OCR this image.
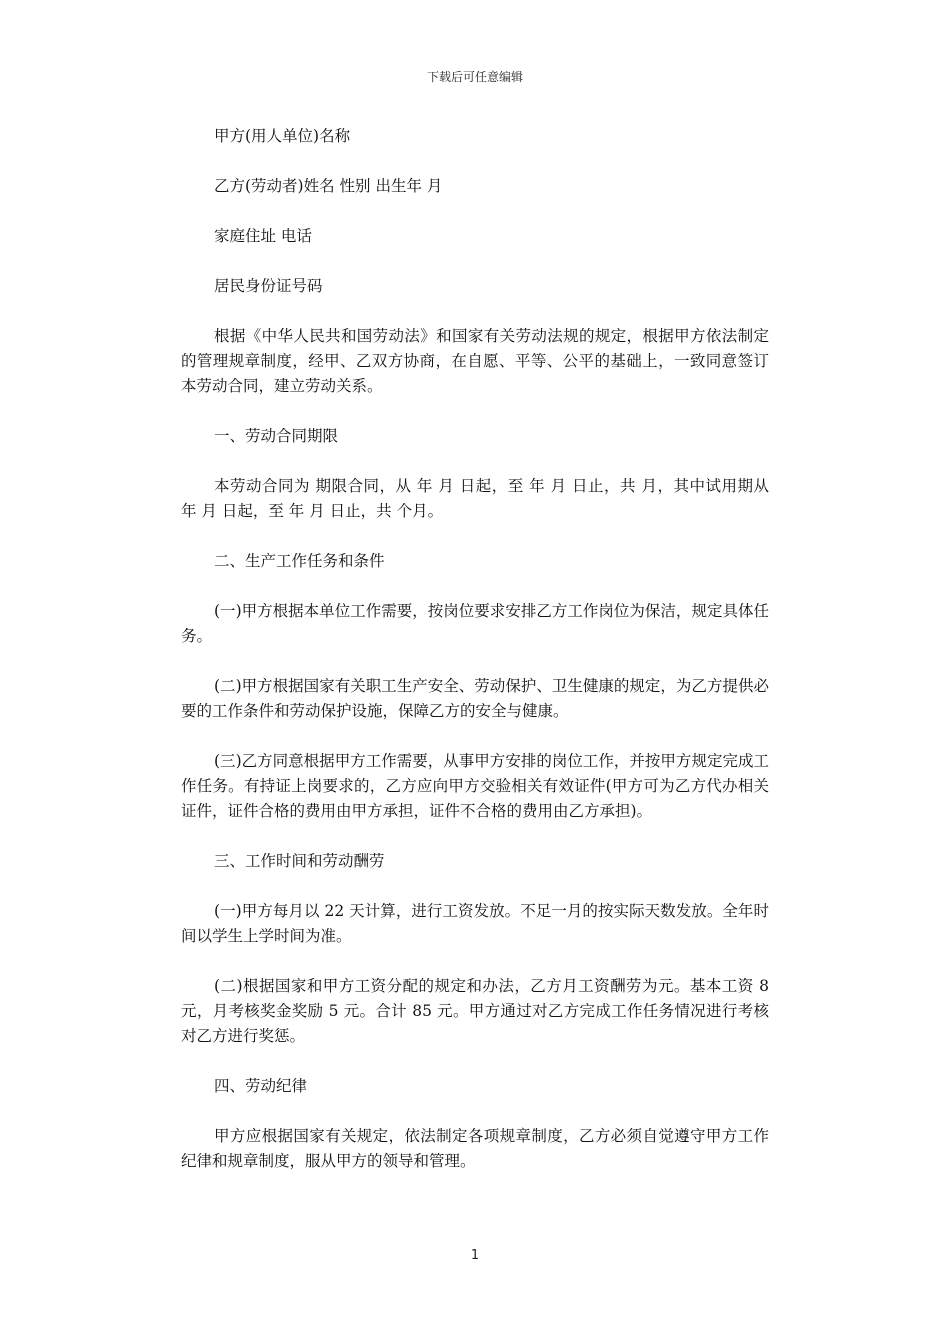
下载后可任意编辑

甲方(用人单位)名称

乙方(劳动者)姓名 性别 出生年 月

家庭住址 电话

居民身份证号码

根据《中华人民共和国劳动法》和国家有关劳动法规的规定，根据甲方依法制定的管理规章制度，经甲、乙双方协商，在自愿、平等、公平的基础上，一致同意签订本劳动合同，建立劳动关系。

一、劳动合同期限

本劳动合同为 期限合同，从 年 月 日起，至 年 月 日止，共 月，其中试用期从 年 月 日起，至 年 月 日止，共 个月。

二、生产工作任务和条件

(一)甲方根据本单位工作需要，按岗位要求安排乙方工作岗位为保洁，规定具体任务。

(二)甲方根据国家有关职工生产安全、劳动保护、卫生健康的规定，为乙方提供必要的工作条件和劳动保护设施，保障乙方的安全与健康。

(三)乙方同意根据甲方工作需要，从事甲方安排的岗位工作，并按甲方规定完成工作任务。有持证上岗要求的，乙方应向甲方交验相关有效证件(甲方可为乙方代办相关证件，证件合格的费用由甲方承担，证件不合格的费用由乙方承担)。

三、工作时间和劳动酬劳

(一)甲方每月以 22 天计算，进行工资发放。不足一月的按实际天数发放。全年时间以学生上学时间为准。

(二)根据国家和甲方工资分配的规定和办法，乙方月工资酬劳为元。基本工资 8 元，月考核奖金奖励 5 元。合计 85 元。甲方通过对乙方完成工作任务情况进行考核对乙方进行奖惩。

四、劳动纪律

甲方应根据国家有关规定，依法制定各项规章制度，乙方必须自觉遵守甲方工作纪律和规章制度，服从甲方的领导和管理。

1
